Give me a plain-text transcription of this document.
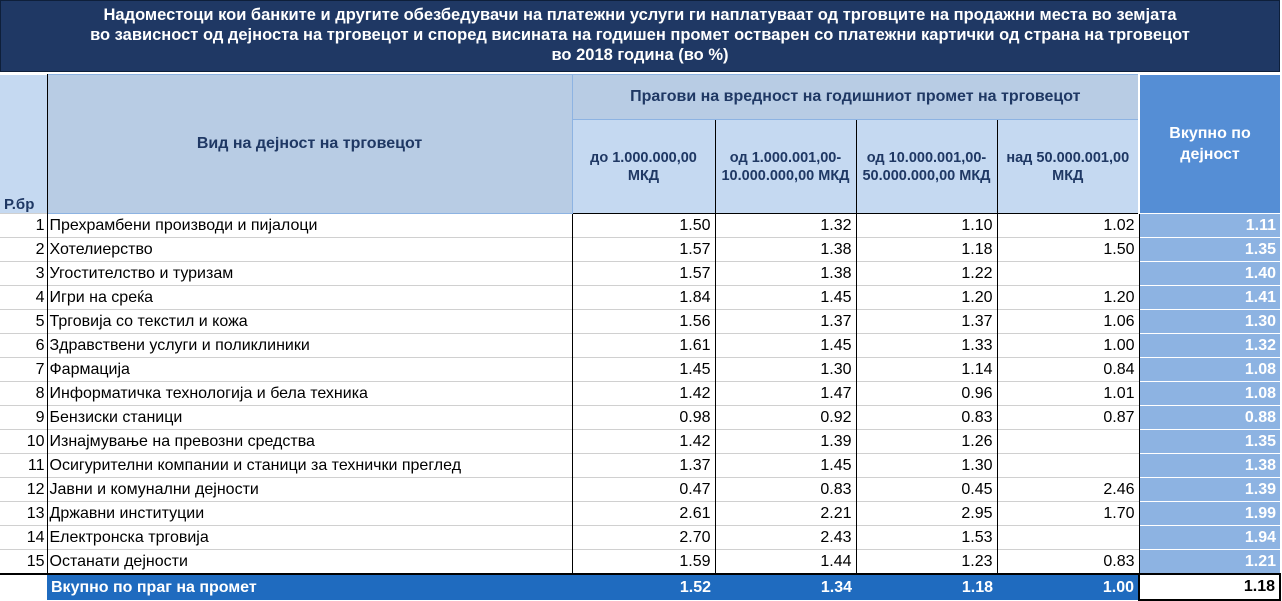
Надоместоци кои банките и другите обезбедувачи на платежни услуги ги наплатуваат од трговците на продажни места во земјата
во зависност од дејноста на трговецот и според висината на годишен промет остварен со платежни картички од страна на трговецот
во 2018 година (во %)
Р.бр	Вид на дејност на трговецот	Прагови на вредност на годишниот промет на трговецот				Вкупно по дејност
		до 1.000.000,00 МКД	од 1.000.001,00-10.000.000,00 МКД	од 10.000.001,00-50.000.000,00 МКД	над 50.000.001,00 МКД	
1	Прехрамбени производи и пијалоци	1.50	1.32	1.10	1.02	1.11
2	Хотелиерство	1.57	1.38	1.18	1.50	1.35
3	Угостителство и туризам	1.57	1.38	1.22		1.40
4	Игри на среќа	1.84	1.45	1.20	1.20	1.41
5	Трговија со текстил и кожа	1.56	1.37	1.37	1.06	1.30
6	Здравствени услуги и поликлиники	1.61	1.45	1.33	1.00	1.32
7	Фармација	1.45	1.30	1.14	0.84	1.08
8	Информатичка технологија и бела техника	1.42	1.47	0.96	1.01	1.08
9	Бензиски станици	0.98	0.92	0.83	0.87	0.88
10	Изнајмување на превозни средства	1.42	1.39	1.26		1.35
11	Осигурителни компании и станици за технички преглед	1.37	1.45	1.30		1.38
12	Јавни и комунални дејности	0.47	0.83	0.45	2.46	1.39
13	Државни институции	2.61	2.21	2.95	1.70	1.99
14	Електронска трговија	2.70	2.43	1.53		1.94
15	Останати дејности	1.59	1.44	1.23	0.83	1.21
	Вкупно по праг на промет	1.52	1.34	1.18	1.00	1.18
